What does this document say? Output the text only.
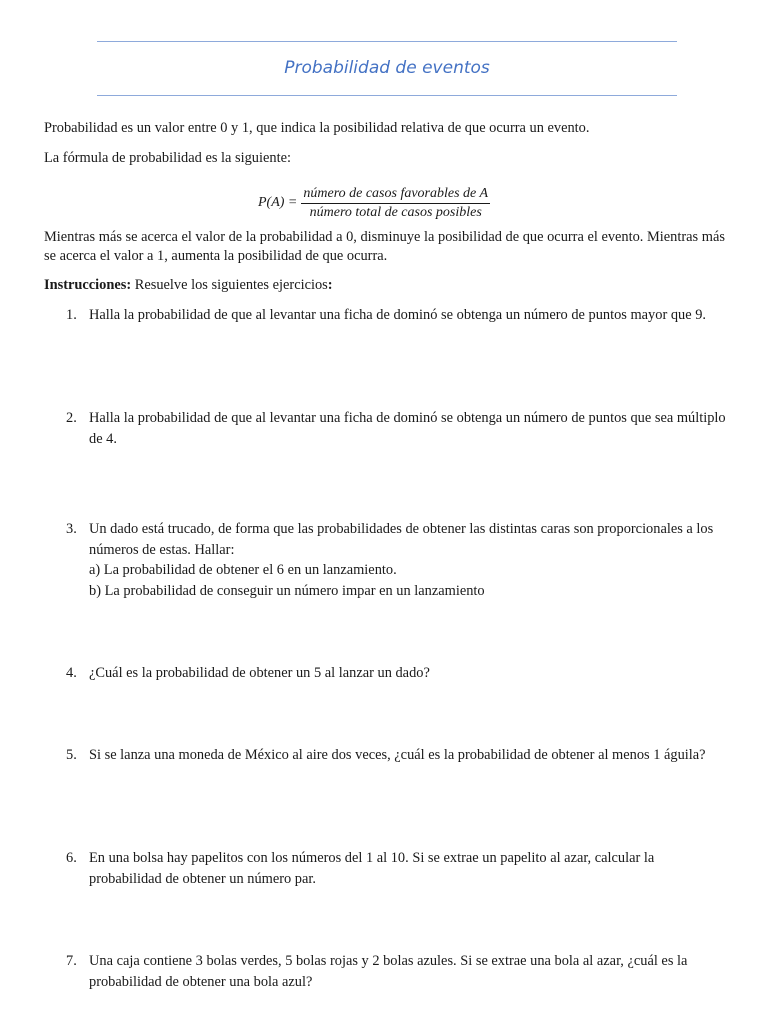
Probabilidad de eventos

Probabilidad es un valor entre 0 y 1, que indica la posibilidad relativa de que ocurra un evento.

La fórmula de probabilidad es la siguiente:

$P(A) = \frac{\text{número de casos favorables de A}}{\text{número total de casos posibles}}$

Mientras más se acerca el valor de la probabilidad a 0, disminuye la posibilidad de que ocurra el evento. Mientras más se acerca el valor a 1, aumenta la posibilidad de que ocurra.

Instrucciones: Resuelve los siguientes ejercicios:

1. Halla la probabilidad de que al levantar una ficha de dominó se obtenga un número de puntos mayor que 9.
2. Halla la probabilidad de que al levantar una ficha de dominó se obtenga un número de puntos que sea múltiplo de 4.
3. Un dado está trucado, de forma que las probabilidades de obtener las distintas caras son proporcionales a los números de estas. Hallar:
a) La probabilidad de obtener el 6 en un lanzamiento.
b) La probabilidad de conseguir un número impar en un lanzamiento
4. ¿Cuál es la probabilidad de obtener un 5 al lanzar un dado?
5. Si se lanza una moneda de México al aire dos veces, ¿cuál es la probabilidad de obtener al menos 1 águila?
6. En una bolsa hay papelitos con los números del 1 al 10. Si se extrae un papelito al azar, calcular la probabilidad de obtener un número par.
7. Una caja contiene 3 bolas verdes, 5 bolas rojas y 2 bolas azules. Si se extrae una bola al azar, ¿cuál es la probabilidad de obtener una bola azul?
